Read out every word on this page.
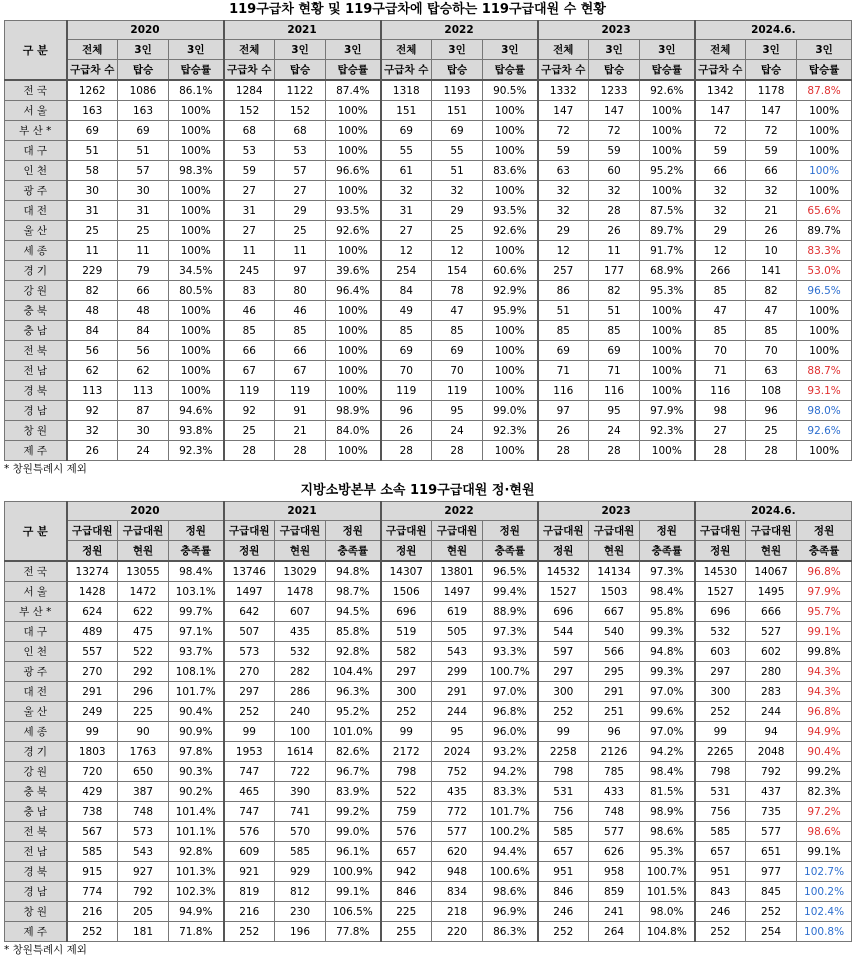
119구급차 현황 및 119구급차에 탑승하는 119구급대원 수 현황
구 분	2020			2021			2022			2023			2024.6.		
	전체	3인	3인	전체	3인	3인	전체	3인	3인	전체	3인	3인	전체	3인	3인
	구급차 수	탑승	탑승률	구급차 수	탑승	탑승률	구급차 수	탑승	탑승률	구급차 수	탑승	탑승률	구급차 수	탑승	탑승률
전 국	1262	1086	86.1%	1284	1122	87.4%	1318	1193	90.5%	1332	1233	92.6%	1342	1178	87.8%
서 울	163	163	100%	152	152	100%	151	151	100%	147	147	100%	147	147	100%
부 산 *	69	69	100%	68	68	100%	69	69	100%	72	72	100%	72	72	100%
대 구	51	51	100%	53	53	100%	55	55	100%	59	59	100%	59	59	100%
인 천	58	57	98.3%	59	57	96.6%	61	51	83.6%	63	60	95.2%	66	66	100%
광 주	30	30	100%	27	27	100%	32	32	100%	32	32	100%	32	32	100%
대 전	31	31	100%	31	29	93.5%	31	29	93.5%	32	28	87.5%	32	21	65.6%
울 산	25	25	100%	27	25	92.6%	27	25	92.6%	29	26	89.7%	29	26	89.7%
세 종	11	11	100%	11	11	100%	12	12	100%	12	11	91.7%	12	10	83.3%
경 기	229	79	34.5%	245	97	39.6%	254	154	60.6%	257	177	68.9%	266	141	53.0%
강 원	82	66	80.5%	83	80	96.4%	84	78	92.9%	86	82	95.3%	85	82	96.5%
충 북	48	48	100%	46	46	100%	49	47	95.9%	51	51	100%	47	47	100%
충 남	84	84	100%	85	85	100%	85	85	100%	85	85	100%	85	85	100%
전 북	56	56	100%	66	66	100%	69	69	100%	69	69	100%	70	70	100%
전 남	62	62	100%	67	67	100%	70	70	100%	71	71	100%	71	63	88.7%
경 북	113	113	100%	119	119	100%	119	119	100%	116	116	100%	116	108	93.1%
경 남	92	87	94.6%	92	91	98.9%	96	95	99.0%	97	95	97.9%	98	96	98.0%
창 원	32	30	93.8%	25	21	84.0%	26	24	92.3%	26	24	92.3%	27	25	92.6%
제 주	26	24	92.3%	28	28	100%	28	28	100%	28	28	100%	28	28	100%
* 창원특례시 제외
지방소방본부 소속 119구급대원 정·현원
구 분	2020			2021			2022			2023			2024.6.		
	구급대원	구급대원	정원	구급대원	구급대원	정원	구급대원	구급대원	정원	구급대원	구급대원	정원	구급대원	구급대원	정원
	정원	현원	충족률	정원	현원	충족률	정원	현원	충족률	정원	현원	충족률	정원	현원	충족률
전 국	13274	13055	98.4%	13746	13029	94.8%	14307	13801	96.5%	14532	14134	97.3%	14530	14067	96.8%
서 울	1428	1472	103.1%	1497	1478	98.7%	1506	1497	99.4%	1527	1503	98.4%	1527	1495	97.9%
부 산 *	624	622	99.7%	642	607	94.5%	696	619	88.9%	696	667	95.8%	696	666	95.7%
대 구	489	475	97.1%	507	435	85.8%	519	505	97.3%	544	540	99.3%	532	527	99.1%
인 천	557	522	93.7%	573	532	92.8%	582	543	93.3%	597	566	94.8%	603	602	99.8%
광 주	270	292	108.1%	270	282	104.4%	297	299	100.7%	297	295	99.3%	297	280	94.3%
대 전	291	296	101.7%	297	286	96.3%	300	291	97.0%	300	291	97.0%	300	283	94.3%
울 산	249	225	90.4%	252	240	95.2%	252	244	96.8%	252	251	99.6%	252	244	96.8%
세 종	99	90	90.9%	99	100	101.0%	99	95	96.0%	99	96	97.0%	99	94	94.9%
경 기	1803	1763	97.8%	1953	1614	82.6%	2172	2024	93.2%	2258	2126	94.2%	2265	2048	90.4%
강 원	720	650	90.3%	747	722	96.7%	798	752	94.2%	798	785	98.4%	798	792	99.2%
충 북	429	387	90.2%	465	390	83.9%	522	435	83.3%	531	433	81.5%	531	437	82.3%
충 남	738	748	101.4%	747	741	99.2%	759	772	101.7%	756	748	98.9%	756	735	97.2%
전 북	567	573	101.1%	576	570	99.0%	576	577	100.2%	585	577	98.6%	585	577	98.6%
전 남	585	543	92.8%	609	585	96.1%	657	620	94.4%	657	626	95.3%	657	651	99.1%
경 북	915	927	101.3%	921	929	100.9%	942	948	100.6%	951	958	100.7%	951	977	102.7%
경 남	774	792	102.3%	819	812	99.1%	846	834	98.6%	846	859	101.5%	843	845	100.2%
창 원	216	205	94.9%	216	230	106.5%	225	218	96.9%	246	241	98.0%	246	252	102.4%
제 주	252	181	71.8%	252	196	77.8%	255	220	86.3%	252	264	104.8%	252	254	100.8%
* 창원특례시 제외
